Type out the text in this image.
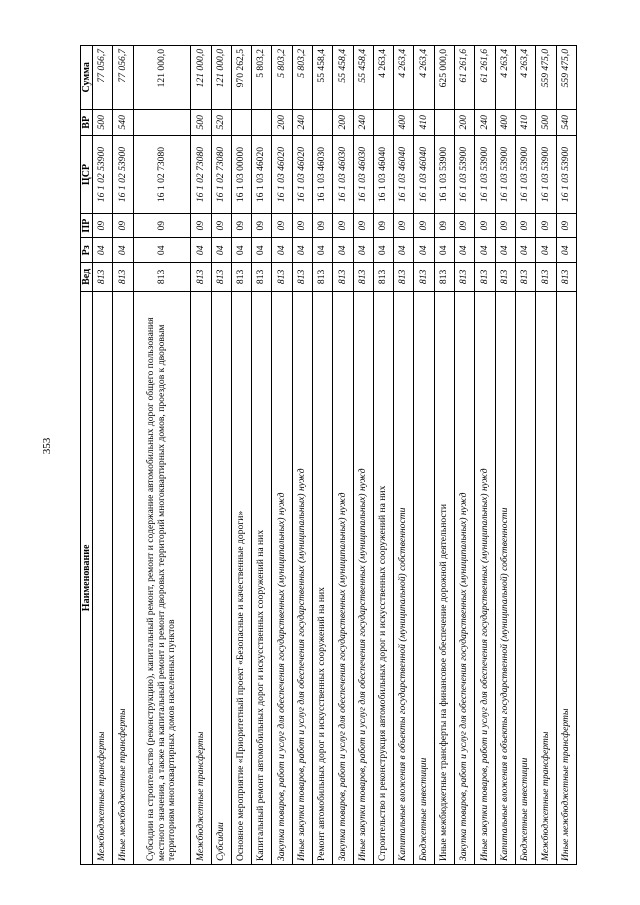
353
Наименование	Вед	Рз	ПР	ЦСР	ВР	Сумма
Межбюджетные трансферты	813	04	09	16 1 02 53900	500	77 056,7
Иные межбюджетные трансферты	813	04	09	16 1 02 53900	540	77 056,7
Субсидии на строительство (реконструкцию), капитальный ремонт, ремонт и содержание автомобильных дорог общего пользования местного значения, а также на капитальный ремонт и ремонт дворовых территорий многоквартирных домов, проездов к дворовым территориям многоквартирных домов населенных пунктов	813	04	09	16 1 02 73080		121 000,0
Межбюджетные трансферты	813	04	09	16 1 02 73080	500	121 000,0
Субсидии	813	04	09	16 1 02 73080	520	121 000,0
Основное мероприятие «Приоритетный проект «Безопасные и качественные дороги»	813	04	09	16 1 03 00000		970 262,5
Капитальный ремонт автомобильных дорог и искусственных сооружений на них	813	04	09	16 1 03 46020		5 803,2
Закупка товаров, работ и услуг для обеспечения государственных (муниципальных) нужд	813	04	09	16 1 03 46020	200	5 803,2
Иные закупки товаров, работ и услуг для обеспечения государственных (муниципальных) нужд	813	04	09	16 1 03 46020	240	5 803,2
Ремонт автомобильных дорог и искусственных сооружений на них	813	04	09	16 1 03 46030		55 458,4
Закупка товаров, работ и услуг для обеспечения государственных (муниципальных) нужд	813	04	09	16 1 03 46030	200	55 458,4
Иные закупки товаров, работ и услуг для обеспечения государственных (муниципальных) нужд	813	04	09	16 1 03 46030	240	55 458,4
Строительство и реконструкция автомобильных дорог и искусственных сооружений на них	813	04	09	16 1 03 46040		4 263,4
Капитальные вложения в объекты государственной (муниципальной) собственности	813	04	09	16 1 03 46040	400	4 263,4
Бюджетные инвестиции	813	04	09	16 1 03 46040	410	4 263,4
Иные межбюджетные трансферты на финансовое обеспечение дорожной деятельности	813	04	09	16 1 03 53900		625 000,0
Закупка товаров, работ и услуг для обеспечения государственных (муниципальных) нужд	813	04	09	16 1 03 53900	200	61 261,6
Иные закупки товаров, работ и услуг для обеспечения государственных (муниципальных) нужд	813	04	09	16 1 03 53900	240	61 261,6
Капитальные вложения в объекты государственной (муниципальной) собственности	813	04	09	16 1 03 53900	400	4 263,4
Бюджетные инвестиции	813	04	09	16 1 03 53900	410	4 263,4
Межбюджетные трансферты	813	04	09	16 1 03 53900	500	559 475,0
Иные межбюджетные трансферты	813	04	09	16 1 03 53900	540	559 475,0
